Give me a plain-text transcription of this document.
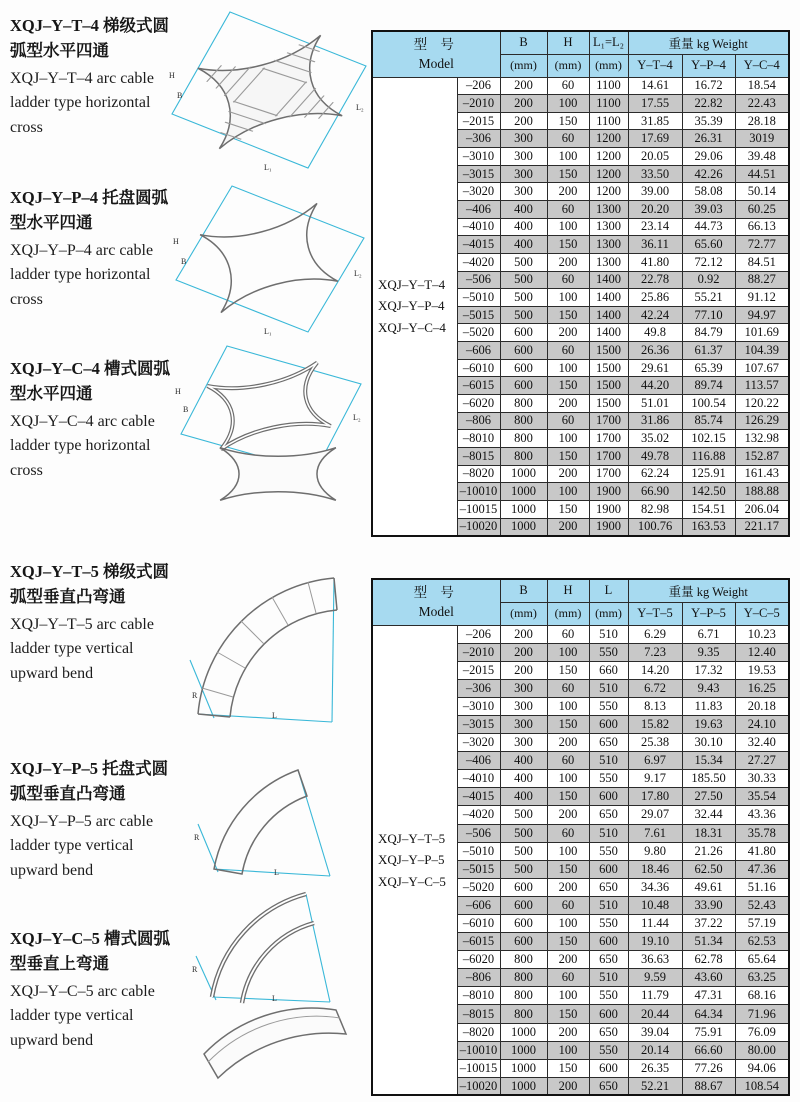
XQJ–Y–T–4 梯级式圆弧型水平四通
XQJ–Y–T–4 arc cable ladder type horizontal cross
XQJ–Y–P–4 托盘圆弧型水平四通
XQJ–Y–P–4 arc cable ladder type horizontal cross
XQJ–Y–C–4 槽式圆弧型水平四通
XQJ–Y–C–4 arc cable ladder type horizontal cross
XQJ–Y–T–5 梯级式圆弧型垂直凸弯通
XQJ–Y–T–5 arc cable ladder type vertical upward bend
XQJ–Y–P–5 托盘式圆弧型垂直凸弯通
XQJ–Y–P–5 arc cable ladder type vertical upward bend
XQJ–Y–C–5 槽式圆弧型垂直上弯通
XQJ–Y–C–5 arc cable ladder type vertical upward bend
H
B
L₁
L₂
H
B
L₁
L₂
H
B
L₂
R
L
R
L
R
L
型 号
Model		B	H	L₁=L₂	重量 kg Weight		
		(mm)	(mm)	(mm)	Y–T–4	Y–P–4	Y–C–4

XQJ–Y–T–4
XQJ–Y–P–4
XQJ–Y–C–4	–206	200	60	1100	14.61	16.72	18.54
	–2010	200	100	1100	17.55	22.82	22.43
	–2015	200	150	1100	31.85	35.39	28.18
	–306	300	60	1200	17.69	26.31	3019
	–3010	300	100	1200	20.05	29.06	39.48
	–3015	300	150	1200	33.50	42.26	44.51
	–3020	300	200	1200	39.00	58.08	50.14
	–406	400	60	1300	20.20	39.03	60.25
	–4010	400	100	1300	23.14	44.73	66.13
	–4015	400	150	1300	36.11	65.60	72.77
	–4020	500	200	1300	41.80	72.12	84.51
	–506	500	60	1400	22.78	0.92	88.27
	–5010	500	100	1400	25.86	55.21	91.12
	–5015	500	150	1400	42.24	77.10	94.97
	–5020	600	200	1400	49.8	84.79	101.69
	–606	600	60	1500	26.36	61.37	104.39
	–6010	600	100	1500	29.61	65.39	107.67
	–6015	600	150	1500	44.20	89.74	113.57
	–6020	800	200	1500	51.01	100.54	120.22
	–806	800	60	1700	31.86	85.74	126.29
	–8010	800	100	1700	35.02	102.15	132.98
	–8015	800	150	1700	49.78	116.88	152.87
	–8020	1000	200	1700	62.24	125.91	161.43
	–10010	1000	100	1900	66.90	142.50	188.88
	–10015	1000	150	1900	82.98	154.51	206.04
	–10020	1000	200	1900	100.76	163.53	221.17
型 号
Model		B	H	L	重量 kg Weight		
		(mm)	(mm)	(mm)	Y–T–5	Y–P–5	Y–C–5

XQJ–Y–T–5
XQJ–Y–P–5
XQJ–Y–C–5	–206	200	60	510	6.29	6.71	10.23
	–2010	200	100	550	7.23	9.35	12.40
	–2015	200	150	660	14.20	17.32	19.53
	–306	300	60	510	6.72	9.43	16.25
	–3010	300	100	550	8.13	11.83	20.18
	–3015	300	150	600	15.82	19.63	24.10
	–3020	300	200	650	25.38	30.10	32.40
	–406	400	60	510	6.97	15.34	27.27
	–4010	400	100	550	9.17	185.50	30.33
	–4015	400	150	600	17.80	27.50	35.54
	–4020	500	200	650	29.07	32.44	43.36
	–506	500	60	510	7.61	18.31	35.78
	–5010	500	100	550	9.80	21.26	41.80
	–5015	500	150	600	18.46	62.50	47.36
	–5020	600	200	650	34.36	49.61	51.16
	–606	600	60	510	10.48	33.90	52.43
	–6010	600	100	550	11.44	37.22	57.19
	–6015	600	150	600	19.10	51.34	62.53
	–6020	800	200	650	36.63	62.78	65.64
	–806	800	60	510	9.59	43.60	63.25
	–8010	800	100	550	11.79	47.31	68.16
	–8015	800	150	600	20.44	64.34	71.96
	–8020	1000	200	650	39.04	75.91	76.09
	–10010	1000	100	550	20.14	66.60	80.00
	–10015	1000	150	600	26.35	77.26	94.06
	–10020	1000	200	650	52.21	88.67	108.54
